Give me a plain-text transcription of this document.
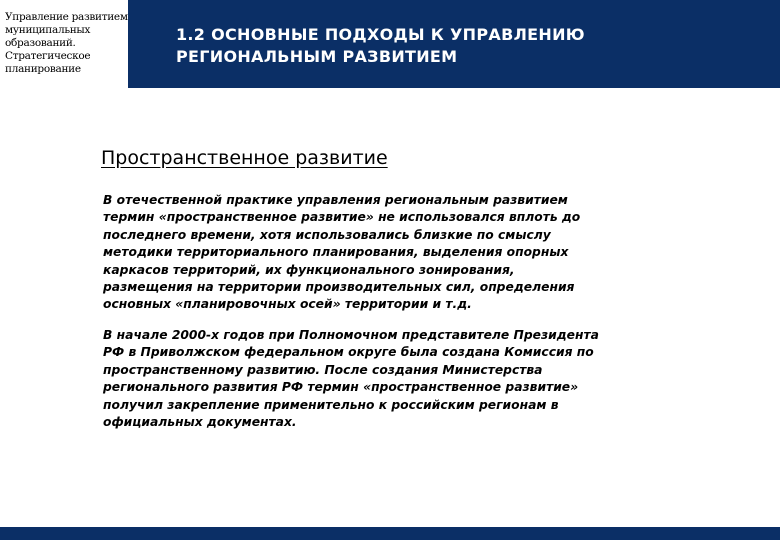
Управление развитием
муниципальных
образований.
Стратегическое
планирование
1.2 ОСНОВНЫЕ ПОДХОДЫ К УПРАВЛЕНИЮ
РЕГИОНАЛЬНЫМ РАЗВИТИЕМ
Пространственное развитие

В отечественной практике управления региональным развитием
термин «пространственное развитие» не использовался вплоть до
последнего времени, хотя использовались близкие по смыслу
методики территориального планирования, выделения опорных
каркасов территорий, их функционального зонирования,
размещения на территории производительных сил, определения
основных «планировочных осей» территории и т.д.

В начале 2000-х годов при Полномочном представителе Президента
РФ в Приволжском федеральном округе была создана Комиссия по
пространственному развитию. После создания Министерства
регионального развития РФ термин «пространственное развитие»
получил закрепление применительно к российским регионам в
официальных документах.
